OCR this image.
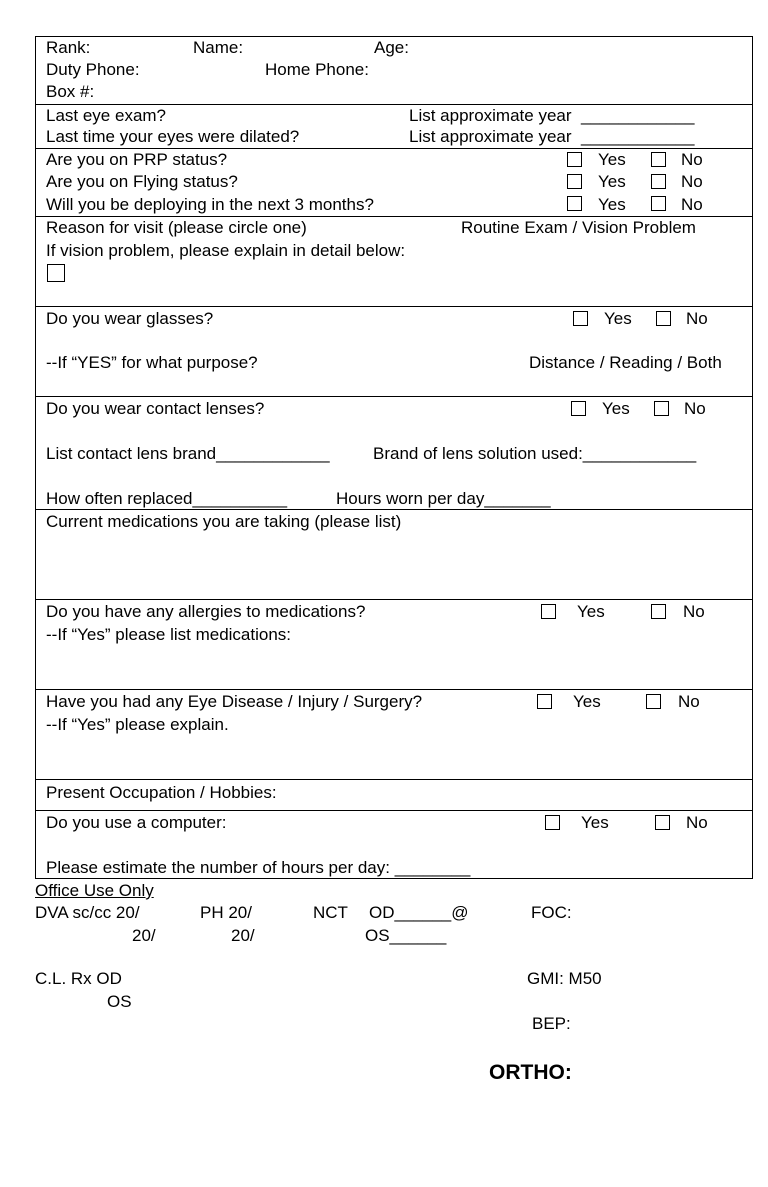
Rank:	Name:	Age:
Duty Phone:	Home Phone:
Box #:
Last eye exam?	List approximate year  ____________
Last time your eyes were dilated?	List approximate year  ____________
Are you on PRP status?	Yes	No
Are you on Flying status?	Yes	No
Will you be deploying in the next 3 months?	Yes	No
Reason for visit (please circle one)	Routine Exam / Vision Problem
If vision problem, please explain in detail below:
Do you wear glasses?	Yes	No
--If “YES” for what purpose?	Distance / Reading / Both
Do you wear contact lenses?	Yes	No
List contact lens brand____________	Brand of lens solution used:____________
How often replaced__________	Hours worn per day_______
Current medications you are taking (please list)
Do you have any allergies to medications?	Yes	No
--If “Yes” please list medications:
Have you had any Eye Disease / Injury / Surgery?	Yes	No
--If “Yes” please explain.
Present Occupation / Hobbies:
Do you use a computer:	Yes	No
Please estimate the number of hours per day: ________
Office Use Only
DVA sc/cc 20/	PH 20/	NCT OD______@	FOC:
20/	20/	OS______
C.L. Rx OD	GMI: M50
OS
BEP:
ORTHO:
